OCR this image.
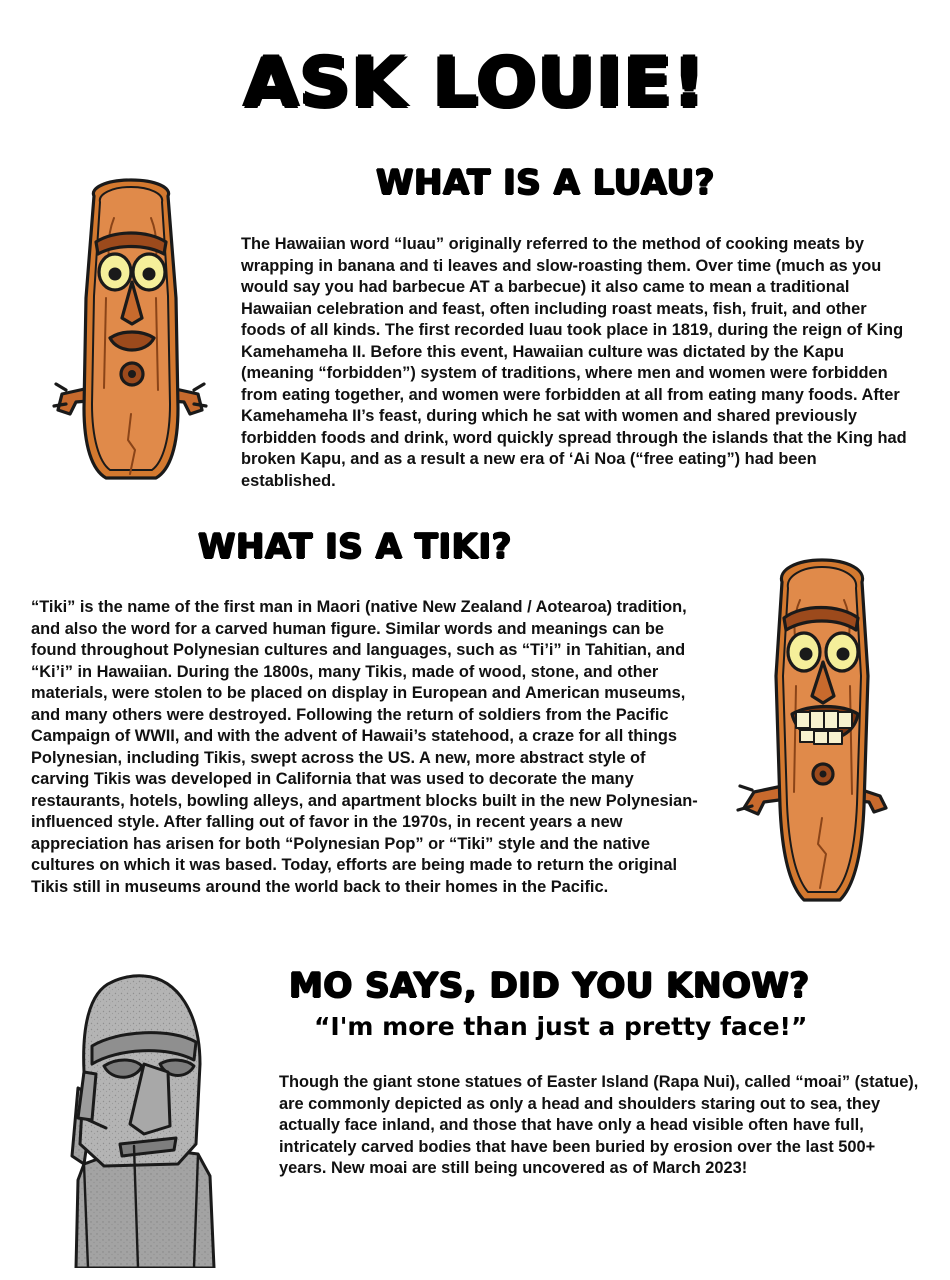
ASK LOUIE!
WHAT IS A LUAU?
The Hawaiian word “luau” originally referred to the method of cooking meats by wrapping in banana and ti leaves and slow-roasting them. Over time (much as you would say you had barbecue AT a barbecue) it also came to mean a traditional Hawaiian celebration and feast, often including roast meats, fish, fruit, and other foods of all kinds. The first recorded luau took place in 1819, during the reign of King Kamehameha II. Before this event, Hawaiian culture was dictated by the Kapu (meaning “forbidden”) system of traditions, where men and women were forbidden from eating together, and women were forbidden at all from eating many foods. After Kamehameha II’s feast, during which he sat with women and shared previously forbidden foods and drink, word quickly spread through the islands that the King had broken Kapu, and as a result a new era of ‘Ai Noa (“free eating”) had been established.
WHAT IS A TIKI?
“Tiki” is the name of the first man in Maori (native New Zealand / Aotearoa) tradition, and also the word for a carved human figure. Similar words and meanings can be found throughout Polynesian cultures and languages, such as “Ti’i” in Tahitian, and “Ki’i” in Hawaiian. During the 1800s, many Tikis, made of wood, stone, and other materials, were stolen to be placed on display in European and American museums, and many others were destroyed. Following the return of soldiers from the Pacific Campaign of WWII, and with the advent of Hawaii’s statehood, a craze for all things Polynesian, including Tikis, swept across the US. A new, more abstract style of carving Tikis was developed in California that was used to decorate the many restaurants, hotels, bowling alleys, and apartment blocks built in the new Polynesian-influenced style. After falling out of favor in the 1970s, in recent years a new appreciation has arisen for both “Polynesian Pop” or “Tiki” style and the native cultures on which it was based. Today, efforts are being made to return the original Tikis still in museums around the world back to their homes in the Pacific.
MO SAYS, DID YOU KNOW?
“I'm more than just a pretty face!”
Though the giant stone statues of Easter Island (Rapa Nui), called “moai” (statue), are commonly depicted as only a head and shoulders staring out to sea, they actually face inland, and those that have only a head visible often have full, intricately carved bodies that have been buried by erosion over the last 500+ years. New moai are still being uncovered as of March 2023!
